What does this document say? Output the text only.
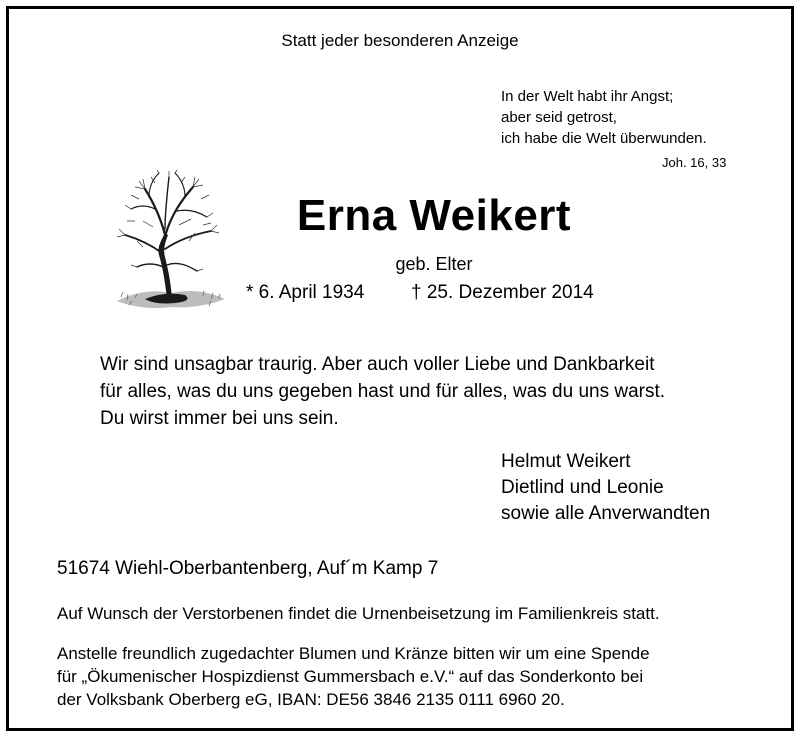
Statt jeder besonderen Anzeige
In der Welt habt ihr Angst;
aber seid getrost,
ich habe die Welt überwunden.
Joh. 16, 33
Erna Weikert
geb. Elter
* 6. April 1934 † 25. Dezember 2014
Wir sind unsagbar traurig. Aber auch voller Liebe und Dankbarkeit
für alles, was du uns gegeben hast und für alles, was du uns warst.
Du wirst immer bei uns sein.
Helmut Weikert
Dietlind und Leonie
sowie alle Anverwandten
51674 Wiehl-Oberbantenberg, Auf´m Kamp 7
Auf Wunsch der Verstorbenen findet die Urnenbeisetzung im Familienkreis statt.
Anstelle freundlich zugedachter Blumen und Kränze bitten wir um eine Spende
für „Ökumenischer Hospizdienst Gummersbach e.V.“ auf das Sonderkonto bei
der Volksbank Oberberg eG, IBAN: DE56 3846 2135 0111 6960 20.
